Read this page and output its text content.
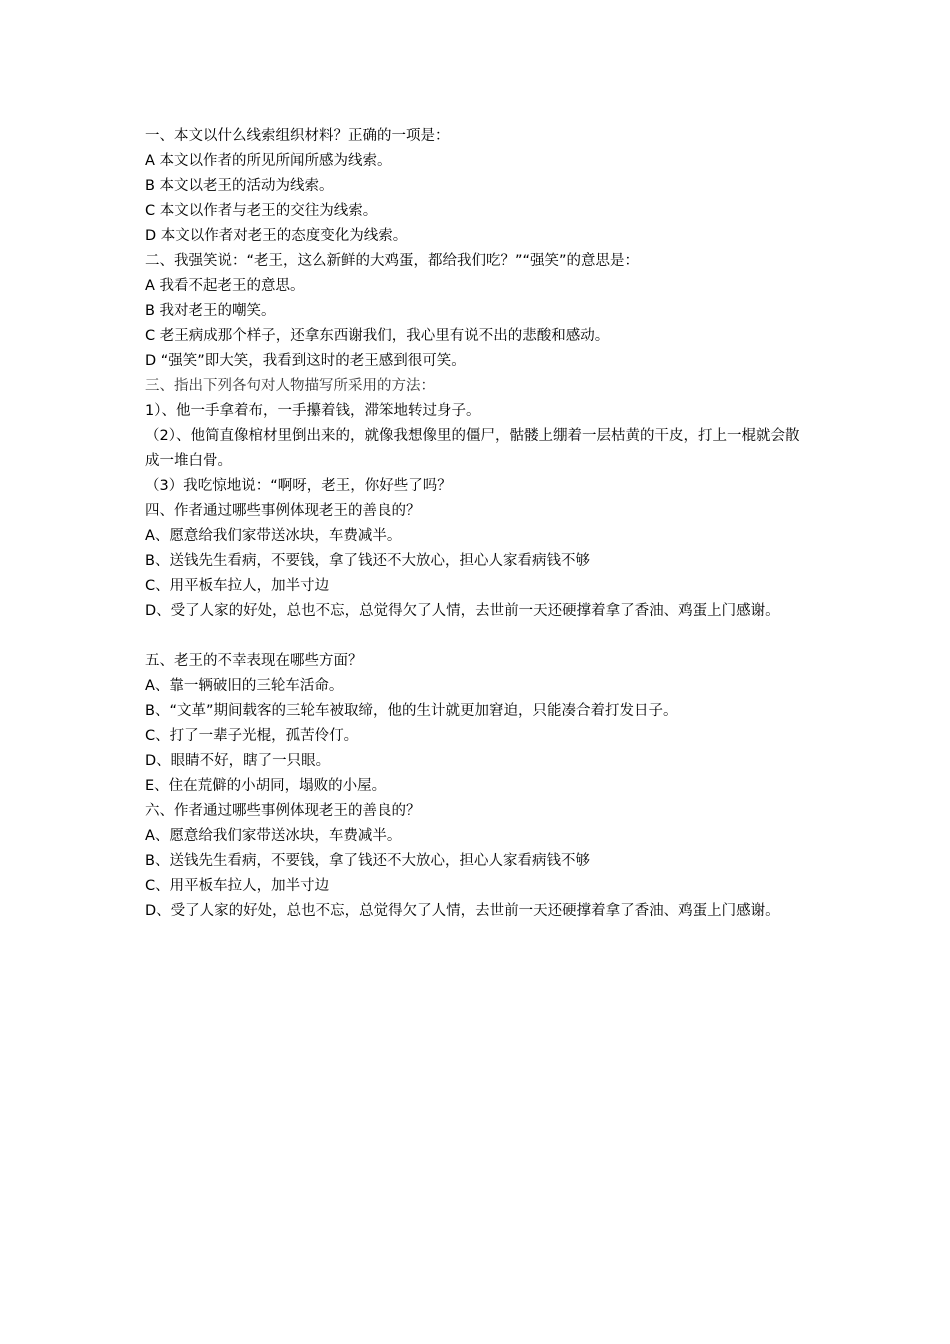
一、本文以什么线索组织材料？正确的一项是：
A 本文以作者的所见所闻所感为线索。
B 本文以老王的活动为线索。
C 本文以作者与老王的交往为线索。
D 本文以作者对老王的态度变化为线索。
二、我强笑说：“老王，这么新鲜的大鸡蛋，都给我们吃？”“强笑”的意思是：
A 我看不起老王的意思。
B 我对老王的嘲笑。
C 老王病成那个样子，还拿东西谢我们，我心里有说不出的悲酸和感动。
D “强笑”即大笑，我看到这时的老王感到很可笑。
三、指出下列各句对人物描写所采用的方法：
1）、他一手拿着布，一手攥着钱，滞笨地转过身子。
（2）、他简直像棺材里倒出来的，就像我想像里的僵尸，骷髅上绷着一层枯黄的干皮，打上一棍就会散成一堆白骨。
（3）我吃惊地说：“啊呀，老王，你好些了吗？
四、作者通过哪些事例体现老王的善良的？
A、愿意给我们家带送冰块，车费减半。
B、送钱先生看病，不要钱，拿了钱还不大放心，担心人家看病钱不够
C、用平板车拉人，加半寸边
D、受了人家的好处，总也不忘，总觉得欠了人情，去世前一天还硬撑着拿了香油、鸡蛋上门感谢。
五、老王的不幸表现在哪些方面？
A、靠一辆破旧的三轮车活命。
B、“文革”期间载客的三轮车被取缔，他的生计就更加窘迫，只能凑合着打发日子。
C、打了一辈子光棍，孤苦伶仃。
D、眼睛不好，瞎了一只眼。
E、住在荒僻的小胡同，塌败的小屋。
六、作者通过哪些事例体现老王的善良的？
A、愿意给我们家带送冰块，车费减半。
B、送钱先生看病，不要钱，拿了钱还不大放心，担心人家看病钱不够
C、用平板车拉人，加半寸边
D、受了人家的好处，总也不忘，总觉得欠了人情，去世前一天还硬撑着拿了香油、鸡蛋上门感谢。
